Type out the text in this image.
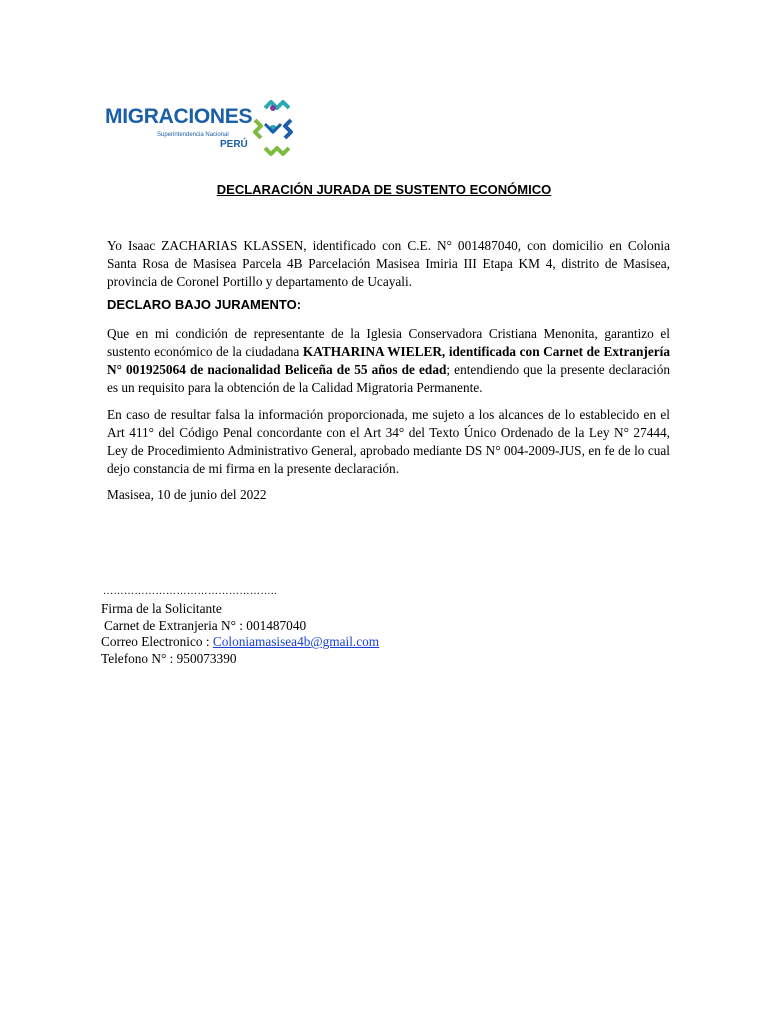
MIGRACIONES
Superintendencia Nacional
PERÚ
DECLARACIÓN JURADA DE SUSTENTO ECONÓMICO

Yo Isaac ZACHARIAS KLASSEN, identificado con C.E. N° 001487040, con domicilio en Colonia Santa Rosa de Masisea Parcela 4B Parcelación Masisea Imiria III Etapa KM 4, distrito de Masisea, provincia de Coronel Portillo y departamento de Ucayali.

DECLARO BAJO JURAMENTO:

Que en mi condición de representante de la Iglesia Conservadora Cristiana Menonita, garantizo el sustento económico de la ciudadana KATHARINA WIELER, identificada con Carnet de Extranjería N° 001925064 de nacionalidad Beliceña de 55 años de edad; entendiendo que la presente declaración es un requisito para la obtención de la Calidad Migratoria Permanente.

En caso de resultar falsa la información proporcionada, me sujeto a los alcances de lo establecido en el Art 411° del Código Penal concordante con el Art 34° del Texto Único Ordenado de la Ley N° 27444, Ley de Procedimiento Administrativo General, aprobado mediante DS N° 004-2009-JUS, en fe de lo cual dejo constancia de mi firma en la presente declaración.

Masisea, 10 de junio del 2022
…………………………………………..
Firma de la Solicitante
Carnet de Extranjeria N° : 001487040
Correo Electronico : Coloniamasisea4b@gmail.com
Telefono N° : 950073390
